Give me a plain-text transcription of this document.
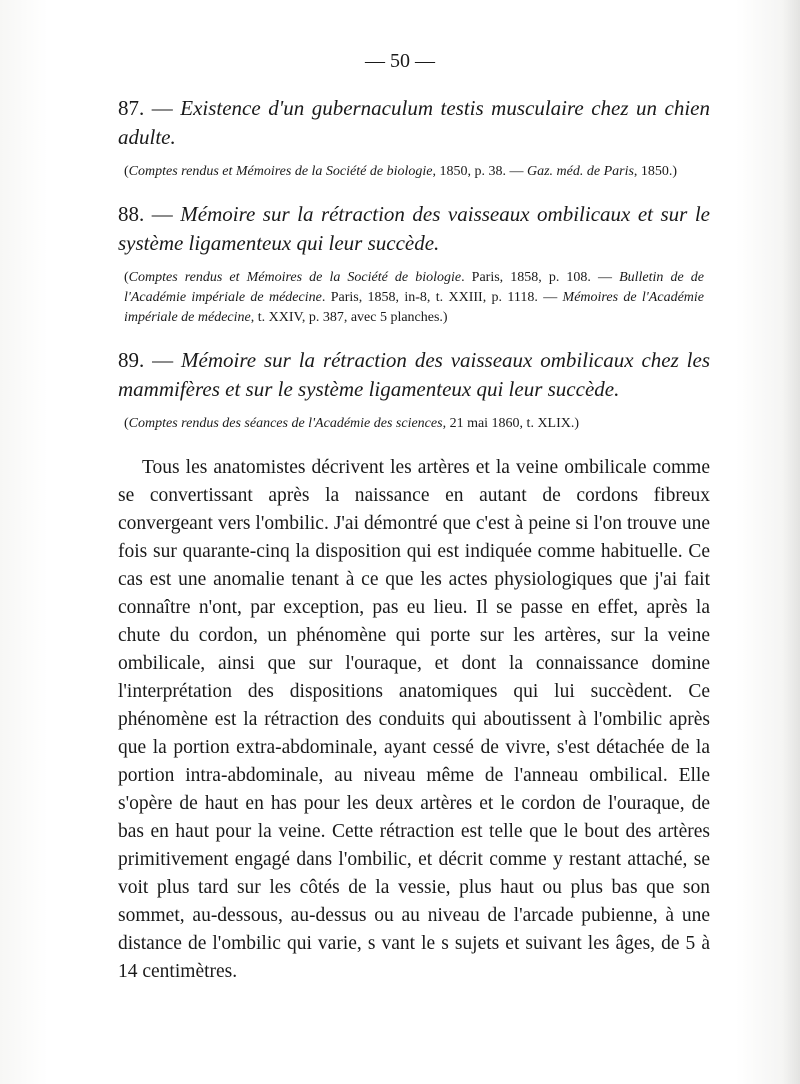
— 50 —
87. — Existence d'un gubernaculum testis musculaire chez un chien adulte.
(Comptes rendus et Mémoires de la Société de biologie, 1850, p. 38. — Gaz. méd. de Paris, 1850.)
88. — Mémoire sur la rétraction des vaisseaux ombilicaux et sur le système ligamenteux qui leur succède.
(Comptes rendus et Mémoires de la Société de biologie. Paris, 1858, p. 108. — Bulletin de de l'Académie impériale de médecine. Paris, 1858, in-8, t. XXIII, p. 1118. — Mémoires de l'Académie impériale de médecine, t. XXIV, p. 387, avec 5 planches.)
89. — Mémoire sur la rétraction des vaisseaux ombilicaux chez les mammifères et sur le système ligamenteux qui leur succède.
(Comptes rendus des séances de l'Académie des sciences, 21 mai 1860, t. XLIX.)

Tous les anatomistes décrivent les artères et la veine ombilicale comme se convertissant après la naissance en autant de cordons fibreux convergeant vers l'ombilic. J'ai démontré que c'est à peine si l'on trouve une fois sur quarante-cinq la disposition qui est indiquée comme habituelle. Ce cas est une anomalie tenant à ce que les actes physiologiques que j'ai fait connaître n'ont, par exception, pas eu lieu. Il se passe en effet, après la chute du cordon, un phénomène qui porte sur les artères, sur la veine ombilicale, ainsi que sur l'ouraque, et dont la connaissance domine l'interprétation des dispositions anatomiques qui lui succèdent. Ce phénomène est la rétraction des conduits qui aboutissent à l'ombilic après que la portion extra-abdominale, ayant cessé de vivre, s'est détachée de la portion intra-abdominale, au niveau même de l'anneau ombilical. Elle s'opère de haut en has pour les deux artères et le cordon de l'ouraque, de bas en haut pour la veine. Cette rétraction est telle que le bout des artères primitivement engagé dans l'ombilic, et décrit comme y restant attaché, se voit plus tard sur les côtés de la vessie, plus haut ou plus bas que son sommet, au-dessous, au-dessus ou au niveau de l'arcade pubienne, à une distance de l'ombilic qui varie, s vant le s sujets et suivant les âges, de 5 à 14 centimètres.
